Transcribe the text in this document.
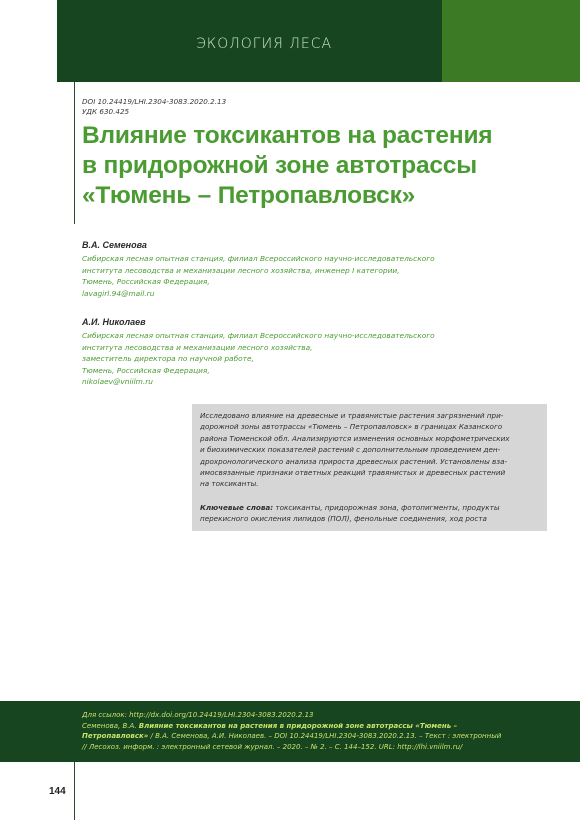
ЭКОЛОГИЯ ЛЕСА
DOI 10.24419/LHI.2304-3083.2020.2.13
УДК 630.425
Влияние токсикантов на растения
в придорожной зоне автотрассы
«Тюмень – Петропавловск»
В.А. Семенова
Сибирская лесная опытная станция, филиал Всероссийского научно-исследовательского
института лесоводства и механизации лесного хозяйства, инженер I категории,
Тюмень, Российская Федерация,
lavagirl.94@mail.ru
А.И. Николаев
Сибирская лесная опытная станция, филиал Всероссийского научно-исследовательского
института лесоводства и механизации лесного хозяйства,
заместитель директора по научной работе,
Тюмень, Российская Федерация,
nikolaev@vniilm.ru
Исследовано влияние на древесные и травянистые растения загрязнений при-
дорожной зоны автотрассы «Тюмень – Петропавловск» в границах Казанского
района Тюменской обл. Анализируются изменения основных морфометрических
и биохимических показателей растений с дополнительным проведением ден-
дрохронологического анализа прироста древесных растений. Установлены вза-
имосвязанные признаки ответных реакций травянистых и древесных растений
на токсиканты.
Ключевые слова: токсиканты, придорожная зона, фотопигменты, продукты
перекисного окисления липидов (ПОЛ), фенольные соединения, ход роста
Для ссылок: http://dx.doi.org/10.24419/LHI.2304-3083.2020.2.13
Семенова, В.А. Влияние токсикантов на растения в придорожной зоне автотрассы «Тюмень –
Петропавловск» / В.А. Семенова, А.И. Николаев. – DOI 10.24419/LHI.2304-3083.2020.2.13. – Текст : электронный
// Лесохоз. информ. : электронный сетевой журнал. – 2020. – № 2. – С. 144–152. URL: http://lhi.vniilm.ru/
144
